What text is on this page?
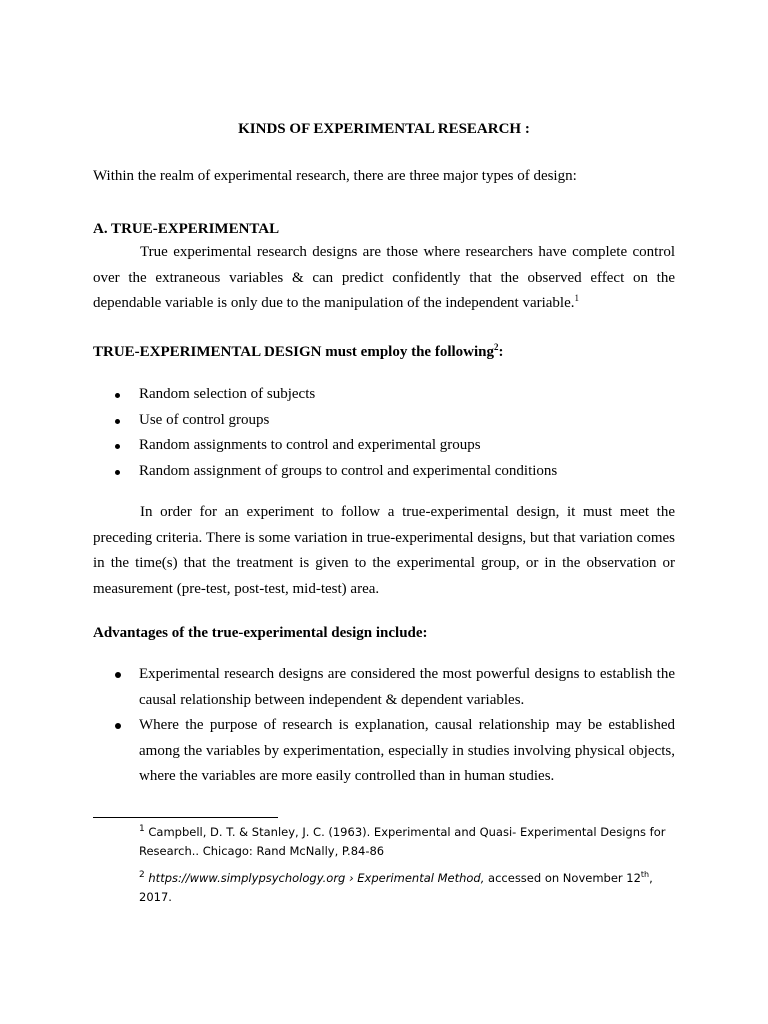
KINDS OF EXPERIMENTAL RESEARCH :

Within the realm of experimental research, there are three major types of design:

A. TRUE-EXPERIMENTAL

True experimental research designs are those where researchers have complete control over the extraneous variables & can predict confidently that the observed effect on the dependable variable is only due to the manipulation of the independent variable.$^1$

TRUE-EXPERIMENTAL DESIGN must employ the following$^2$:

Random selection of subjects
Use of control groups
Random assignments to control and experimental groups
Random assignment of groups to control and experimental conditions

In order for an experiment to follow a true-experimental design, it must meet the preceding criteria. There is some variation in true-experimental designs, but that variation comes in the time(s) that the treatment is given to the experimental group, or in the observation or measurement (pre-test, post-test, mid-test) area.

Advantages of the true-experimental design include:

Experimental research designs are considered the most powerful designs to establish the causal relationship between independent & dependent variables.
Where the purpose of research is explanation, causal relationship may be established among the variables by experimentation, especially in studies involving physical objects, where the variables are more easily controlled than in human studies.

$^1$ Campbell, D. T. & Stanley, J. C. (1963). Experimental and Quasi- Experimental Designs for Research.. Chicago: Rand McNally, P.84-86

$^2$ https://www.simplypsychology.org › Experimental Method, accessed on November 12th, 2017.
